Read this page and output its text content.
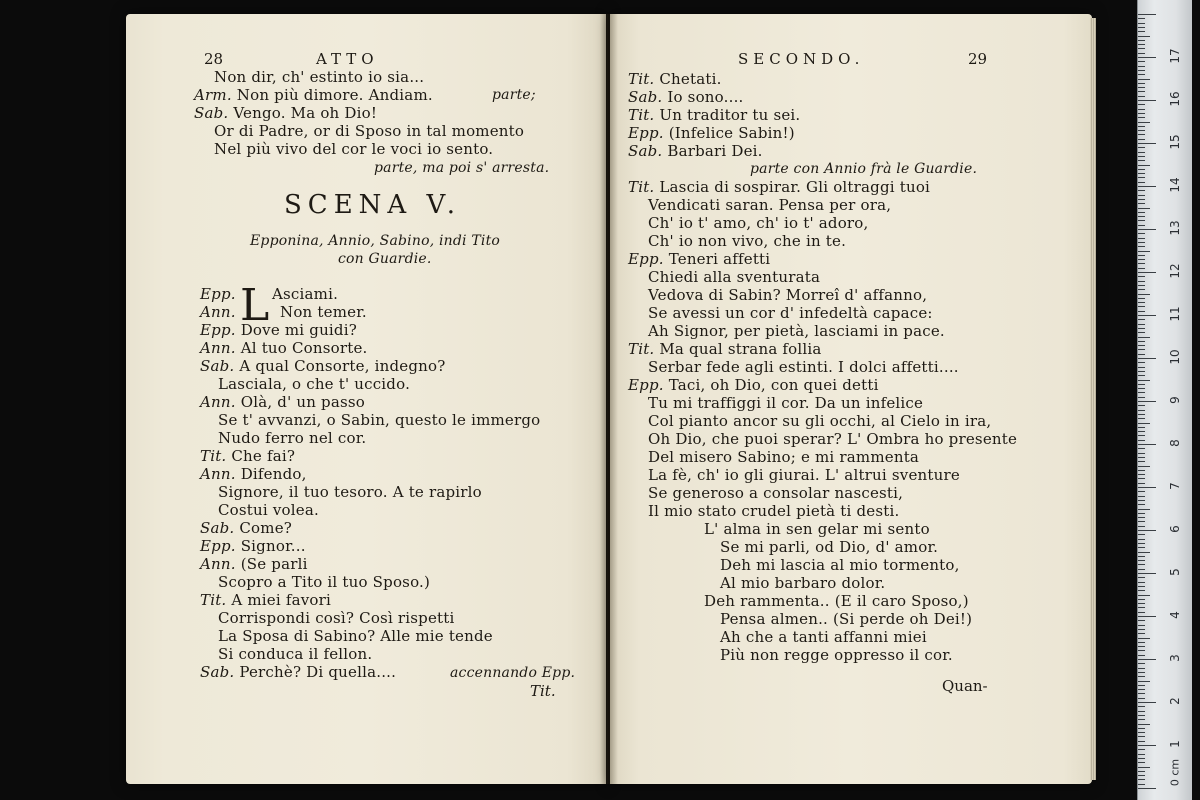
28	ATTO
Non dir, ch' estinto io sia...
Arm. Non più dimore. Andiam.	parte;
Sab. Vengo. Ma oh Dio!
Or di Padre, or di Sposo in tal momento
Nel più vivo del cor le voci io sento.
parte, ma poi s' arresta.
SCENA V.
Epponina, Annio, Sabino, indi Tito
con Guardie.
L
Epp. Asciami.
Ann.	Non temer.
Epp. Dove mi guidi?
Ann. Al tuo Consorte.
Sab. A qual Consorte, indegno?
Lasciala, o che t' uccido.
Ann. Olà, d' un passo
Se t' avvanzi, o Sabin, questo le immergo
Nudo ferro nel cor.
Tit. Che fai?
Ann. Difendo,
Signore, il tuo tesoro. A te rapirlo
Costui volea.
Sab. Come?
Epp. Signor...
Ann. (Se parli
Scopro a Tito il tuo Sposo.)
Tit. A miei favori
Corrispondi così? Così rispetti
La Sposa di Sabino? Alle mie tende
Si conduca il fellon.
Sab. Perchè? Di quella....	accennando Epp.
Tit.
SECONDO.	29
Tit. Chetati.
Sab. Io sono....
Tit. Un traditor tu sei.
Epp. (Infelice Sabin!)
Sab. Barbari Dei.
parte con Annio frà le Guardie.
Tit. Lascia di sospirar. Gli oltraggi tuoi
Vendicati saran. Pensa per ora,
Ch' io t' amo, ch' io t' adoro,
Ch' io non vivo, che in te.
Epp. Teneri affetti
Chiedi alla sventurata
Vedova di Sabin? Morreî d' affanno,
Se avessi un cor d' infedeltà capace:
Ah Signor, per pietà, lasciami in pace.
Tit. Ma qual strana follia
Serbar fede agli estinti. I dolci affetti....
Epp. Taci, oh Dio, con quei detti
Tu mi traffiggi il cor. Da un infelice
Col pianto ancor su gli occhi, al Cielo in ira,
Oh Dio, che puoi sperar? L' Ombra ho presente
Del misero Sabino; e mi rammenta
La fè, ch' io gli giurai. L' altrui sventure
Se generoso a consolar nascesti,
Il mio stato crudel pietà ti desti.
L' alma in sen gelar mi sento
Se mi parli, od Dio, d' amor.
Deh mi lascia al mio tormento,
Al mio barbaro dolor.
Deh rammenta.. (E il caro Sposo,)
Pensa almen.. (Si perde oh Dei!)
Ah che a tanti affanni miei
Più non regge oppresso il cor.
Quan-
0 cm
1
2
3
4
5
6
7
8
9
10
11
12
13
14
15
16
17
